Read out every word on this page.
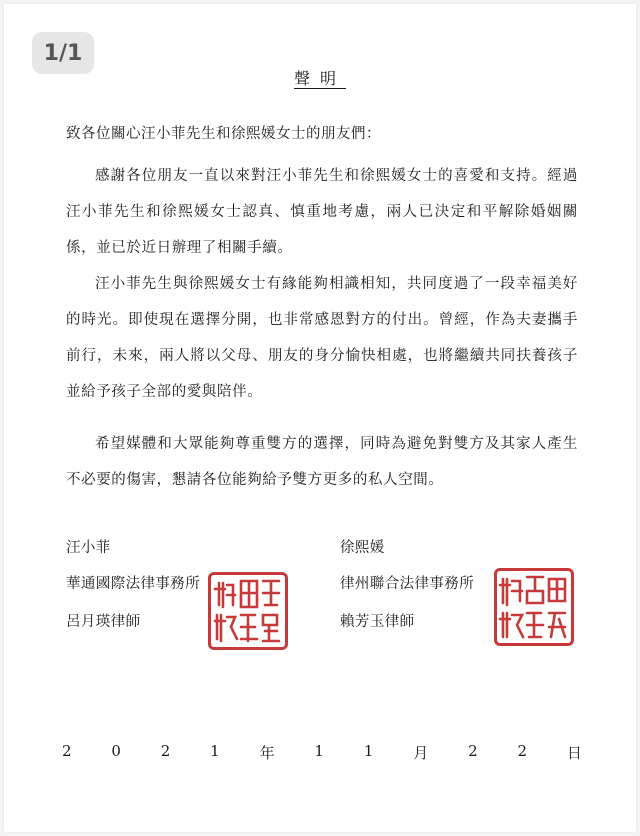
1/1
聲明
致各位關心汪小菲先生和徐熙媛女士的朋友們：

感謝各位朋友一直以來對汪小菲先生和徐熙媛女士的喜愛和支持。經過汪小菲先生和徐熙媛女士認真、慎重地考慮，兩人已決定和平解除婚姻關係，並已於近日辦理了相關手續。

汪小菲先生與徐熙媛女士有緣能夠相識相知，共同度過了一段幸福美好的時光。即使現在選擇分開，也非常感恩對方的付出。曾經，作為夫妻攜手前行，未來，兩人將以父母、朋友的身分愉快相處，也將繼續共同扶養孩子並給予孩子全部的愛與陪伴。

希望媒體和大眾能夠尊重雙方的選擇，同時為避免對雙方及其家人產生不必要的傷害，懇請各位能夠給予雙方更多的私人空間。

汪小菲
華通國際法律事務所
呂月瑛律師
徐熙媛
律州聯合法律事務所
賴芳玉律師
2	0	2	1	年	1	1	月	2	2	日
